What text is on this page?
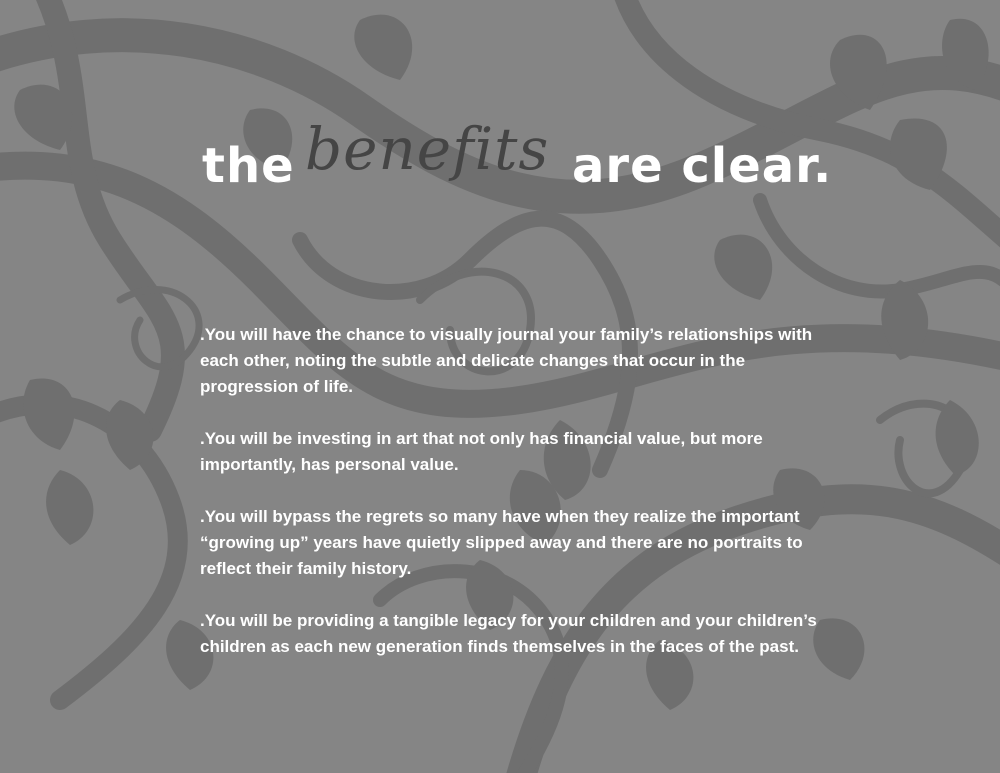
the benefits are clear.

.You will have the chance to visually journal your family’s relationships with each other, noting the subtle and delicate changes that occur in the progression of life.

.You will be investing in art that not only has financial value, but more importantly, has personal value.

.You will bypass the regrets so many have when they realize the important “growing up” years have quietly slipped away and there are no portraits to reflect their family history.

.You will be providing a tangible legacy for your children and your children’s children as each new generation finds themselves in the faces of the past.
